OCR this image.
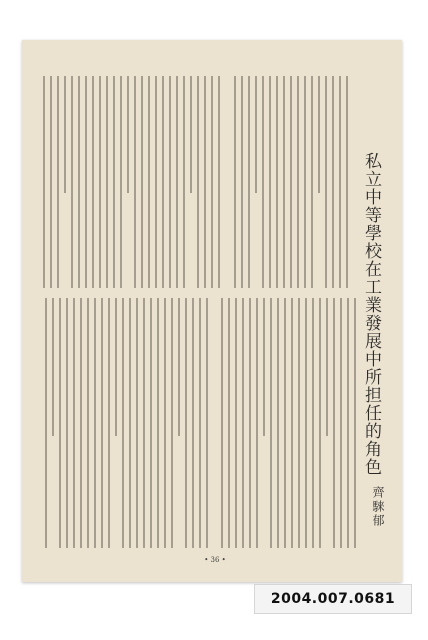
私立中等學校在工業發展中所担任的角色
齊騋郁
• 36 •
2004.007.0681
